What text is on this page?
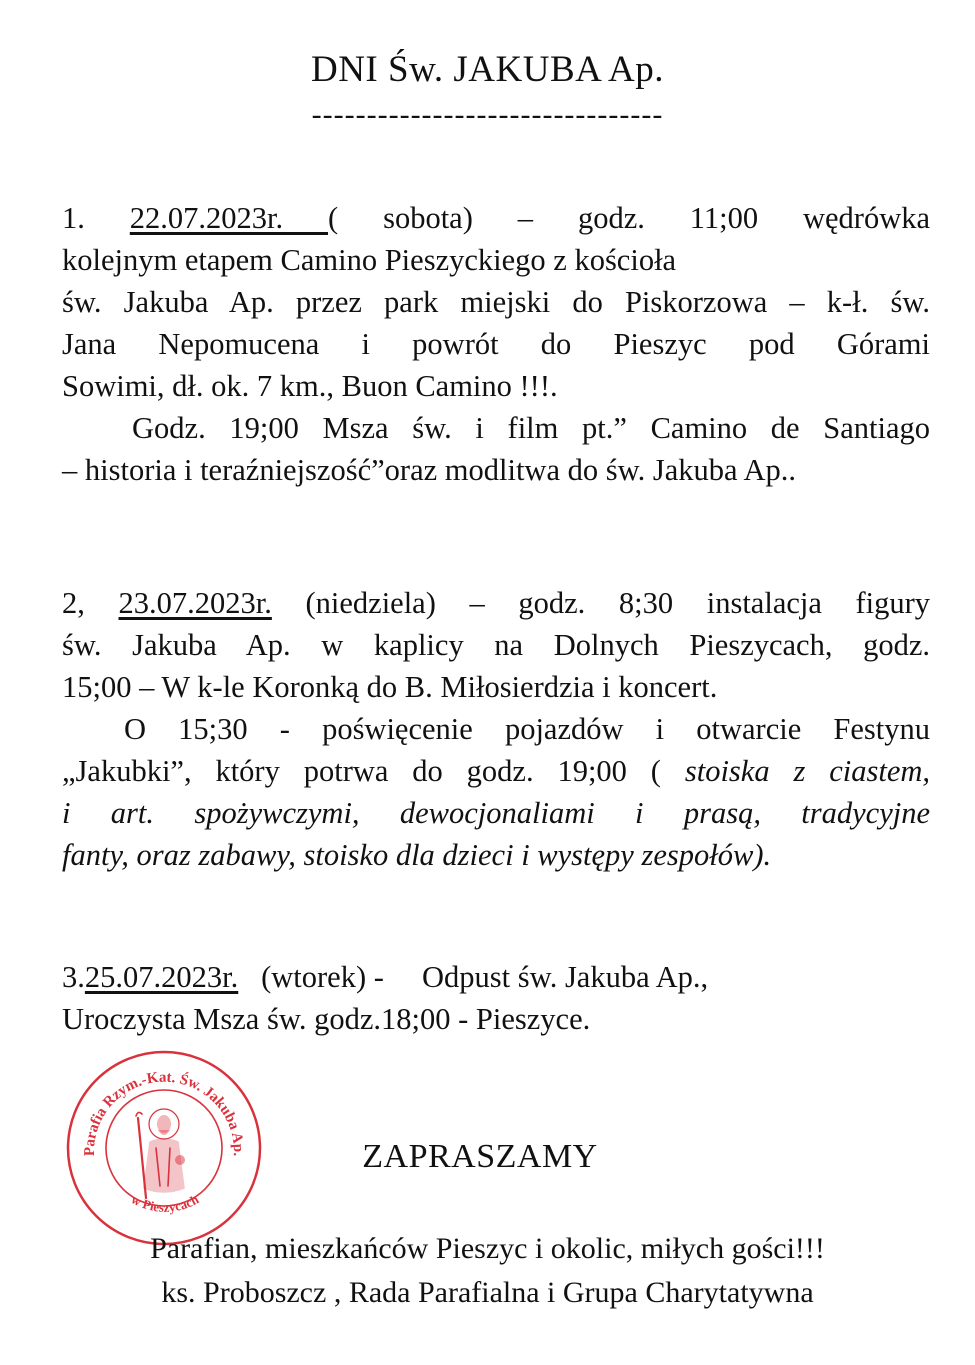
DNI Św. JAKUBA Ap.
--------------------------------

1. 22.07.2023r. ( sobota) – godz. 11;00 wędrówka

kolejnym etapem Camino Pieszyckiego z kościoła

św. Jakuba Ap. przez park miejski do Piskorzowa – k-ł. św.

Jana Nepomucena i powrót do Pieszyc pod Górami

Sowimi, dł. ok. 7 km., Buon Camino !!!.

Godz. 19;00 Msza św. i film pt.” Camino de Santiago

– historia i teraźniejszość”oraz modlitwa do św. Jakuba Ap..

2, 23.07.2023r. (niedziela) – godz. 8;30 instalacja figury

św. Jakuba Ap. w kaplicy na Dolnych Pieszycach, godz.

15;00 – W k-le Koronką do B. Miłosierdzia i koncert.

O 15;30 - poświęcenie pojazdów i otwarcie Festynu

„Jakubki”, który potrwa do godz. 19;00 ( stoiska z ciastem,

i art. spożywczymi, dewocjonaliami i prasą, tradycyjne

fanty, oraz zabawy, stoisko dla dzieci i występy zespołów).

3.25.07.2023r. (wtorek) - Odpust św. Jakuba Ap.,

Uroczysta Msza św. godz.18;00 - Pieszyce.

Parafia Rzym.-Kat. Św. Jakuba Ap.
w Pieszycach
ZAPRASZAMY
Parafian, mieszkańców Pieszyc i okolic, miłych gości!!!
ks. Proboszcz , Rada Parafialna i Grupa Charytatywna
